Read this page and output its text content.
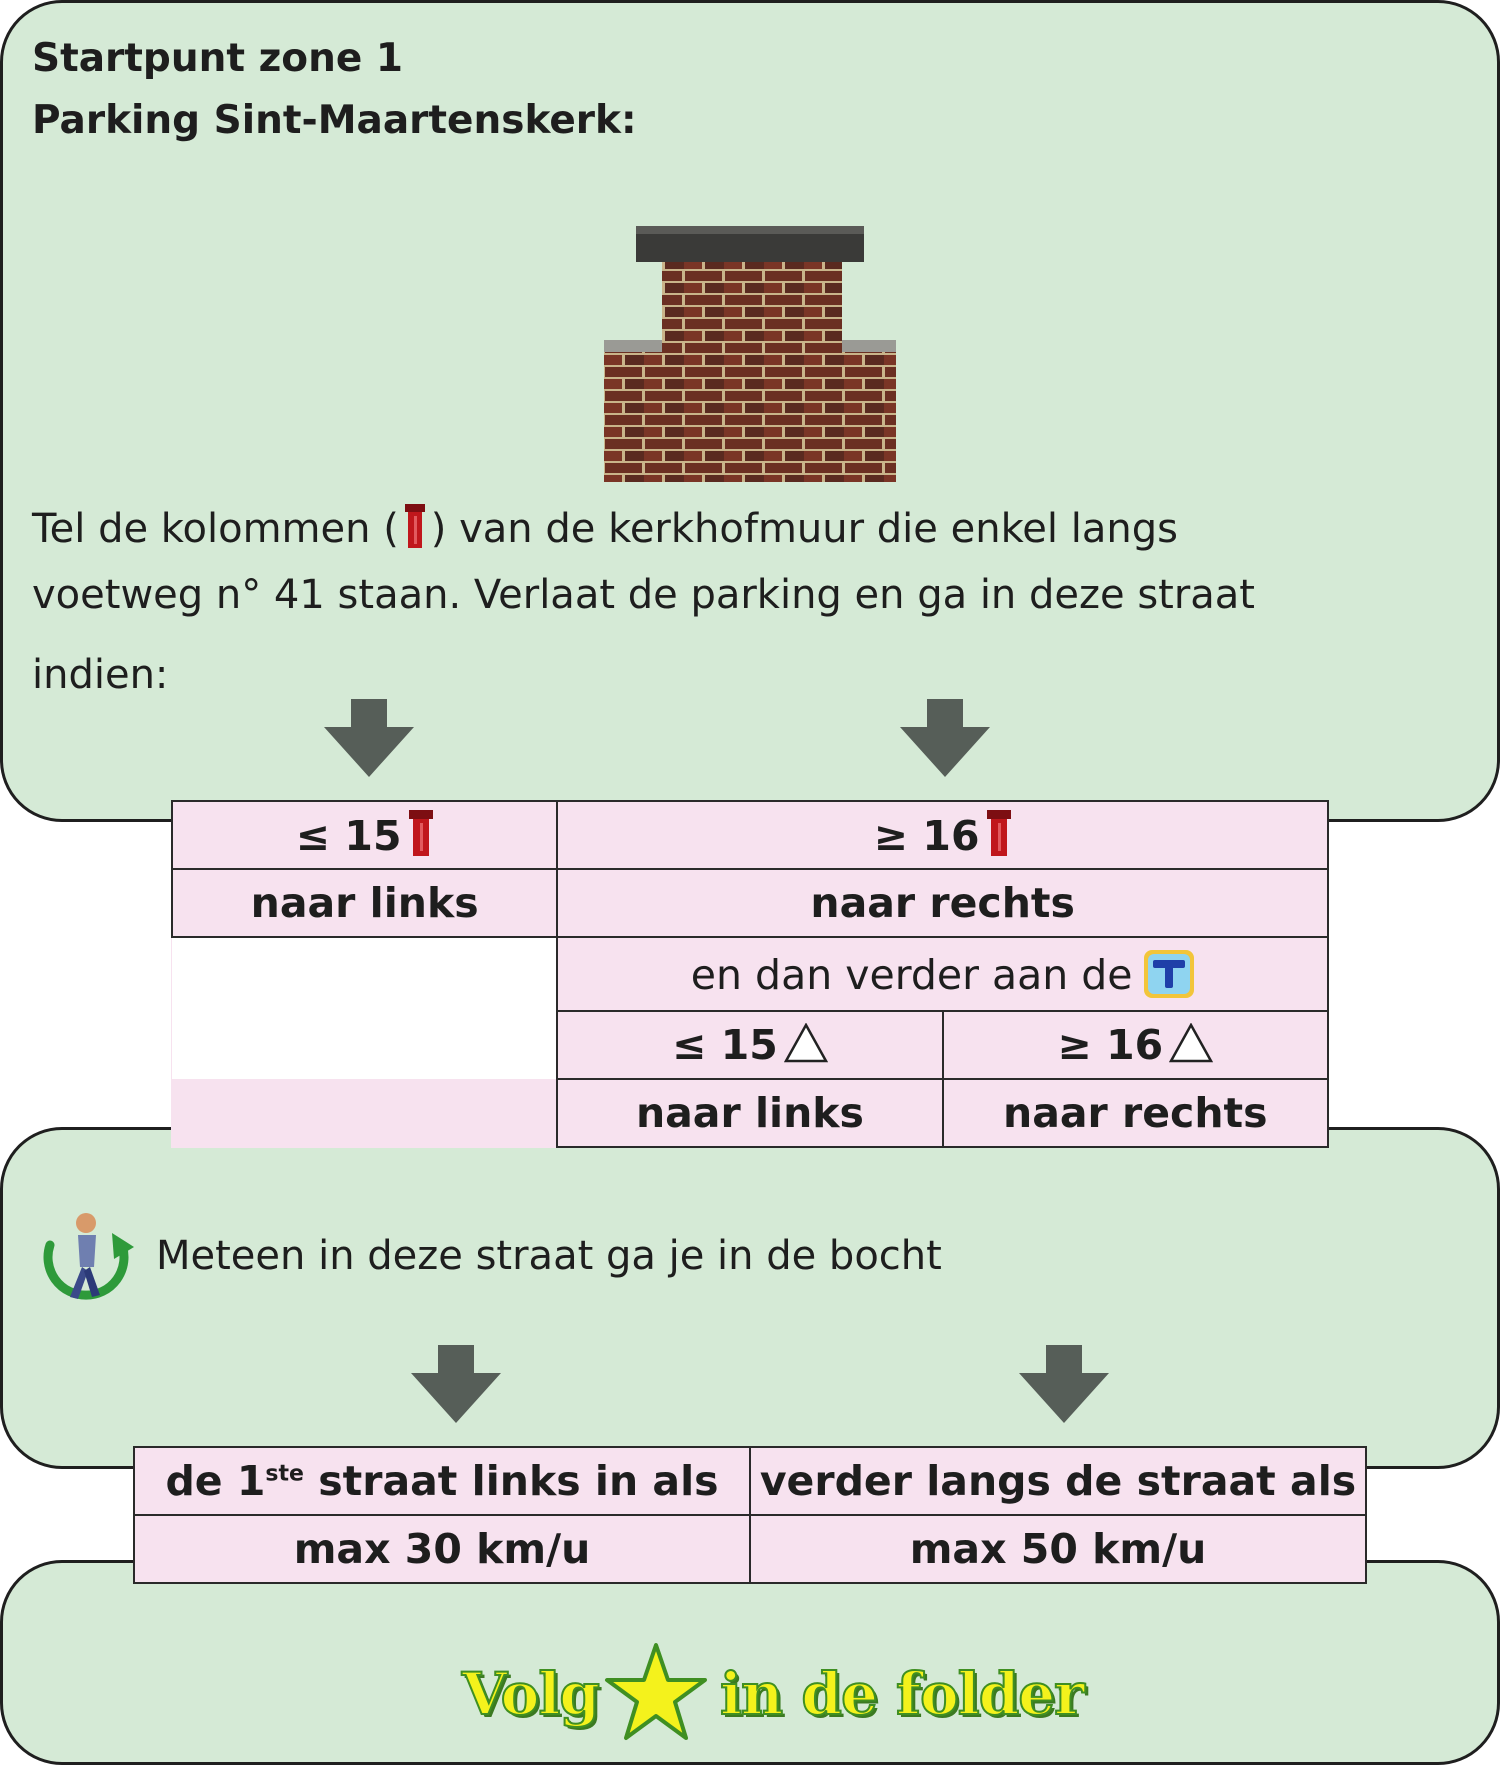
Startpunt zone 1
Parking Sint-Maartenskerk:
Tel de kolommen ( ) van de kerkhofmuur die enkel langs
voetweg n° 41 staan. Verlaat de parking en ga in deze straat
indien:
≤ 15	≥ 16	
naar links	naar rechts	
	en dan verder aan de	
	≤ 15	≥ 16
	naar links	naar rechts
Meteen in deze straat ga je in de bocht
de 1ste straat links in als	verder langs de straat als
max 30 km/u	max 50 km/u
Volg in de folder
